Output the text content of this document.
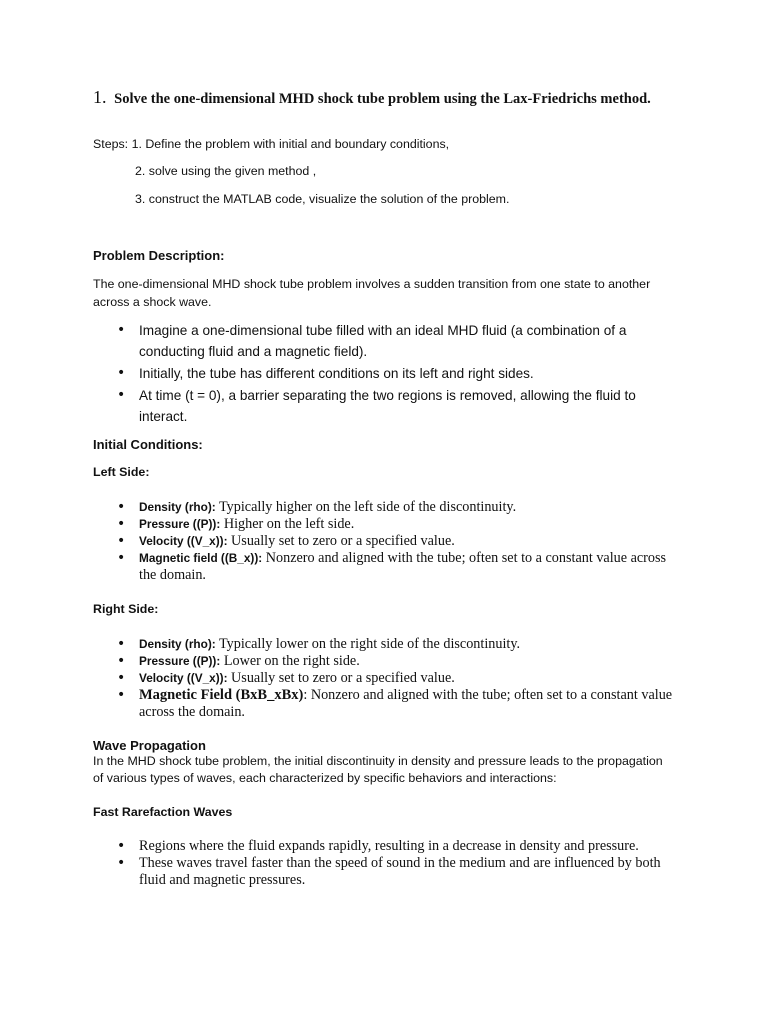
1. Solve the one-dimensional MHD shock tube problem using the Lax-Friedrichs method.
Steps: 1. Define the problem with initial and boundary conditions,
2. solve using the given method ,
3. construct the MATLAB code, visualize the solution of the problem.
Problem Description:
The one-dimensional MHD shock tube problem involves a sudden transition from one state to another across a shock wave.
• Imagine a one-dimensional tube filled with an ideal MHD fluid (a combination of a conducting fluid and a magnetic field).
• Initially, the tube has different conditions on its left and right sides.
• At time (t = 0), a barrier separating the two regions is removed, allowing the fluid to interact.
Initial Conditions:
Left Side:
• Density (rho): Typically higher on the left side of the discontinuity.
• Pressure ((P)): Higher on the left side.
• Velocity ((V_x)): Usually set to zero or a specified value.
• Magnetic field ((B_x)): Nonzero and aligned with the tube; often set to a constant value across the domain.
Right Side:
• Density (rho): Typically lower on the right side of the discontinuity.
• Pressure ((P)): Lower on the right side.
• Velocity ((V_x)): Usually set to zero or a specified value.
• Magnetic Field (BxB_xBx): Nonzero and aligned with the tube; often set to a constant value across the domain.
Wave Propagation
In the MHD shock tube problem, the initial discontinuity in density and pressure leads to the propagation of various types of waves, each characterized by specific behaviors and interactions:
Fast Rarefaction Waves
• Regions where the fluid expands rapidly, resulting in a decrease in density and pressure.
• These waves travel faster than the speed of sound in the medium and are influenced by both fluid and magnetic pressures.
